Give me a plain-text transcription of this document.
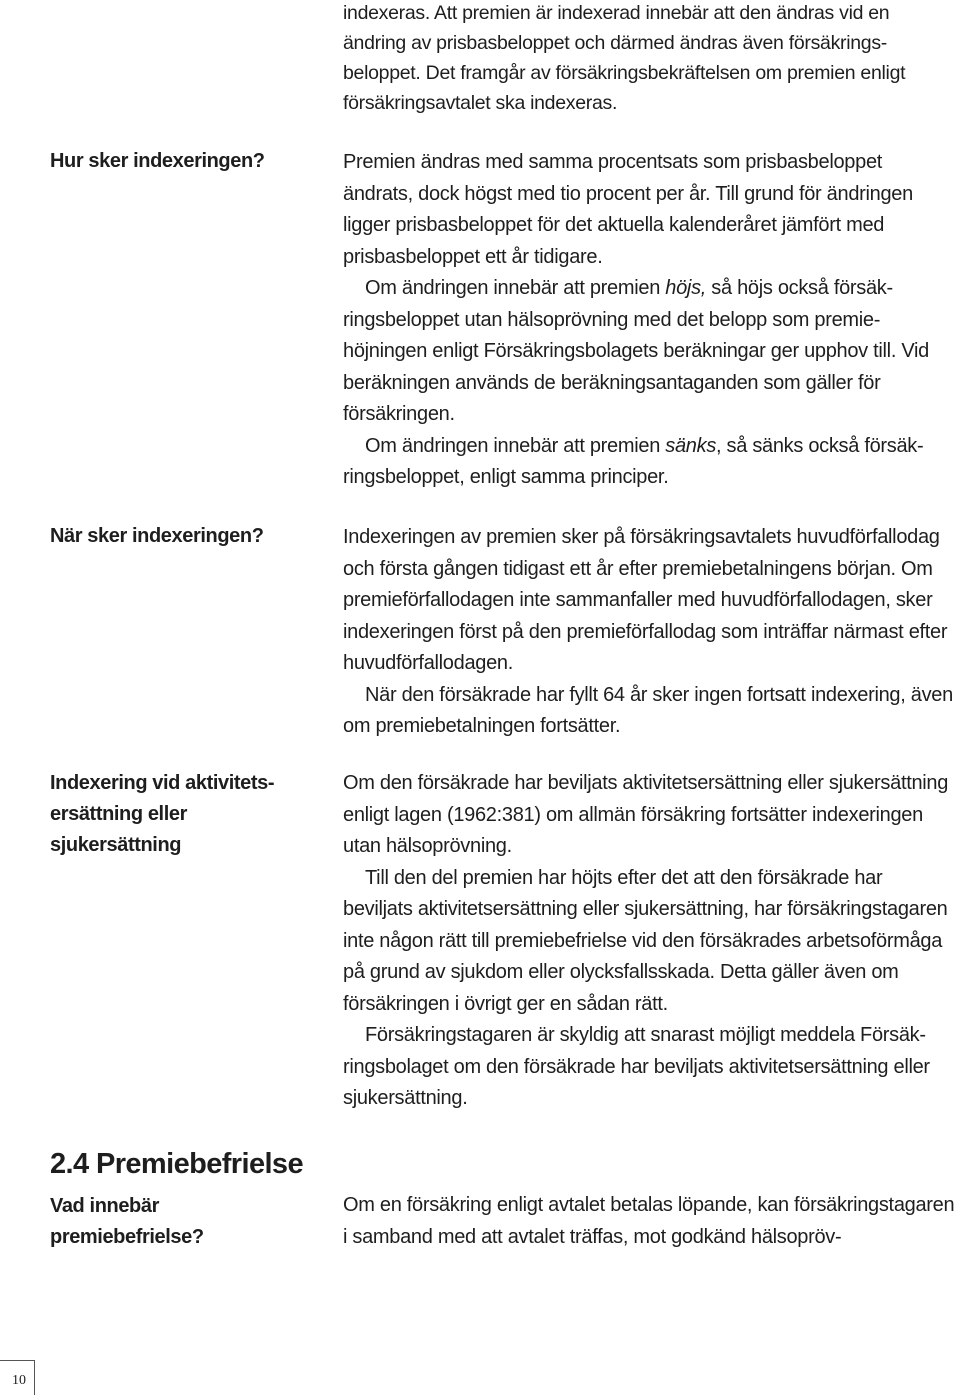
indexeras. Att premien är indexerad innebär att den ändras vid en ändring av prisbasbeloppet och därmed ändras även försäkringsbeloppet. Det framgår av försäkringsbekräftelsen om premien enligt försäkringsavtalet ska indexeras.

Hur sker indexeringen?	Premien ändras med samma procentsats som prisbasbeloppet ändrats, dock högst med tio procent per år. Till grund för ändringen ligger prisbasbeloppet för det aktuella kalenderåret jämfört med prisbasbeloppet ett år tidigare.

Om ändringen innebär att premien höjs, så höjs också försäkringsbeloppet utan hälsoprövning med det belopp som premiehöjningen enligt Försäkringsbolagets beräkningar ger upphov till. Vid beräkningen används de beräkningsantaganden som gäller för försäkringen.

Om ändringen innebär att premien sänks, så sänks också försäkringsbeloppet, enligt samma principer.

När sker indexeringen?	Indexeringen av premien sker på försäkringsavtalets huvudförfallodag och första gången tidigast ett år efter premiebetalningens början. Om premieförfallodagen inte sammanfaller med huvudförfallodagen, sker indexeringen först på den premieförfallodag som inträffar närmast efter huvudförfallodagen.

När den försäkrade har fyllt 64 år sker ingen fortsatt indexering, även om premiebetalningen fortsätter.

Indexering vid aktivitetsersättning eller sjukersättning

Om den försäkrade har beviljats aktivitetsersättning eller sjukersättning enligt lagen (1962:381) om allmän försäkring fortsätter indexeringen utan hälsoprövning.

Till den del premien har höjts efter det att den försäkrade har beviljats aktivitetsersättning eller sjukersättning, har försäkringstagaren inte någon rätt till premiebefrielse vid den försäkrades arbetsoförmåga på grund av sjukdom eller olycksfallsskada. Detta gäller även om försäkringen i övrigt ger en sådan rätt.

Försäkringstagaren är skyldig att snarast möjligt meddela Försäkringsbolaget om den försäkrade har beviljats aktivitetsersättning eller sjukersättning.

2.4 Premiebefrielse
Vad innebär premiebefrielse?

Om en försäkring enligt avtalet betalas löpande, kan försäkringstagaren i samband med att avtalet träffas, mot godkänd hälsopröv-

10
